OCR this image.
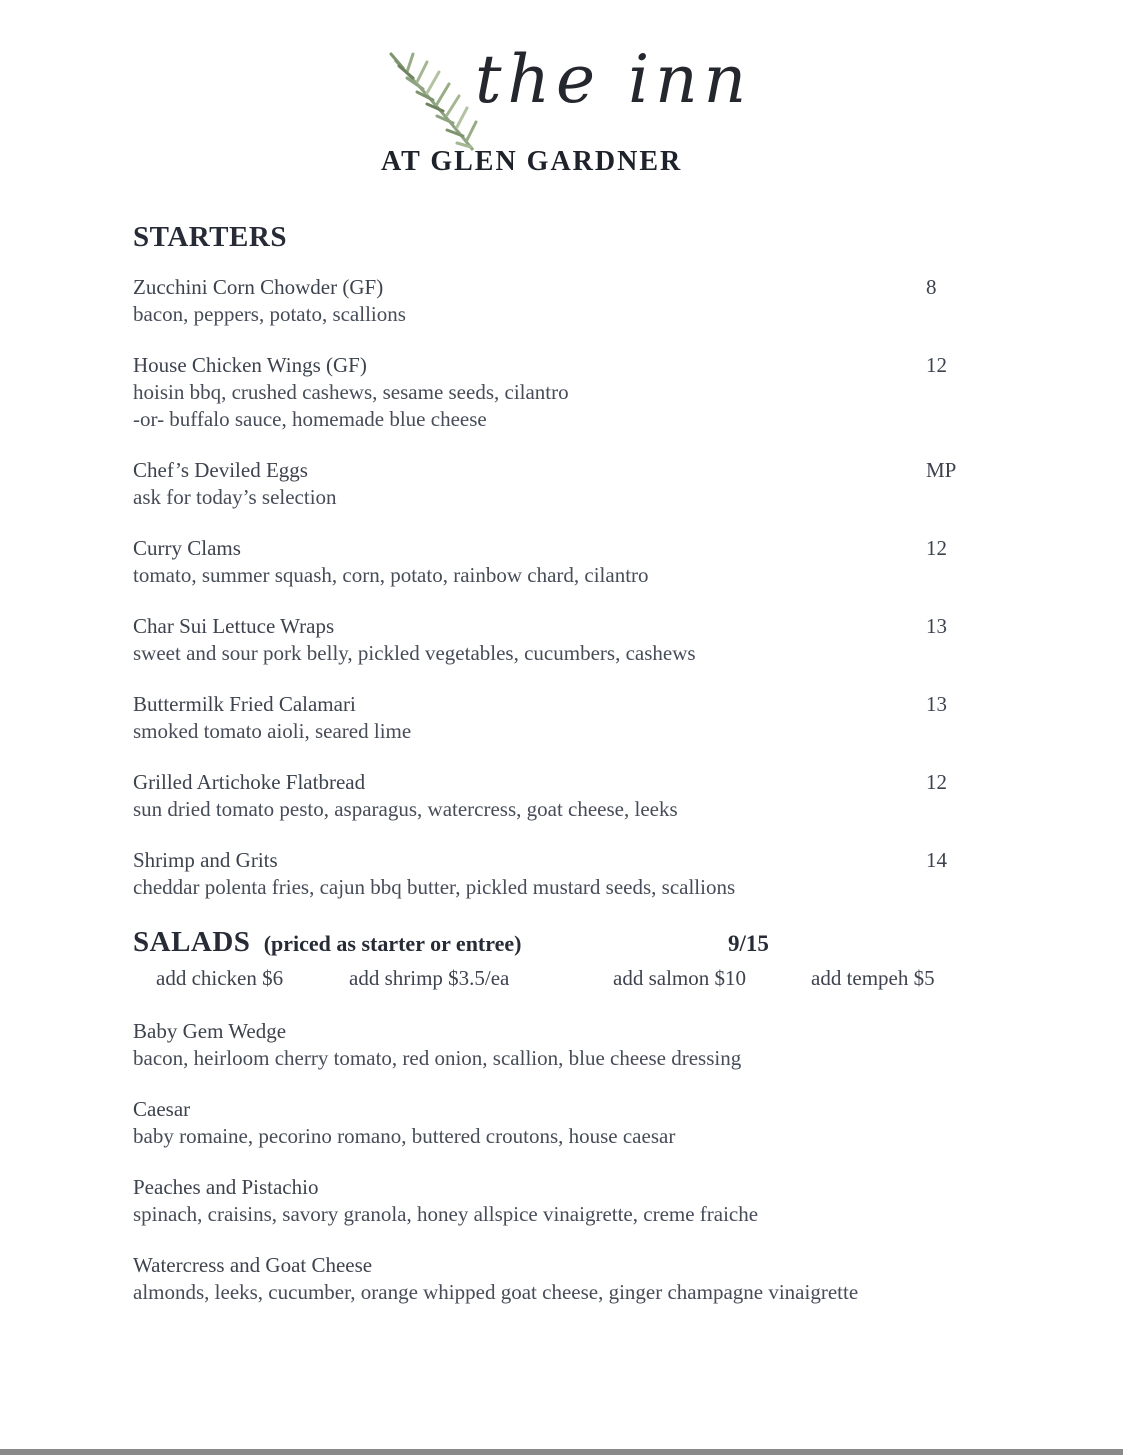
the inn
AT GLEN GARDNER
STARTERS
Zucchini Corn Chowder (GF)	8
bacon, peppers, potato, scallions
House Chicken Wings (GF)	12
hoisin bbq, crushed cashews, sesame seeds, cilantro
-or- buffalo sauce, homemade blue cheese
Chef’s Deviled Eggs	MP
ask for today’s selection
Curry Clams	12
tomato, summer squash, corn, potato, rainbow chard, cilantro
Char Sui Lettuce Wraps	13
sweet and sour pork belly, pickled vegetables, cucumbers, cashews
Buttermilk Fried Calamari	13
smoked tomato aioli, seared lime
Grilled Artichoke Flatbread	12
sun dried tomato pesto, asparagus, watercress, goat cheese, leeks
Shrimp and Grits	14
cheddar polenta fries, cajun bbq butter, pickled mustard seeds, scallions
SALADS (priced as starter or entree)	9/15
add chicken $6	add shrimp $3.5/ea	add salmon $10	add tempeh $5
Baby Gem Wedge
bacon, heirloom cherry tomato, red onion, scallion, blue cheese dressing
Caesar
baby romaine, pecorino romano, buttered croutons, house caesar
Peaches and Pistachio
spinach, craisins, savory granola, honey allspice vinaigrette, creme fraiche
Watercress and Goat Cheese
almonds, leeks, cucumber, orange whipped goat cheese, ginger champagne vinaigrette
